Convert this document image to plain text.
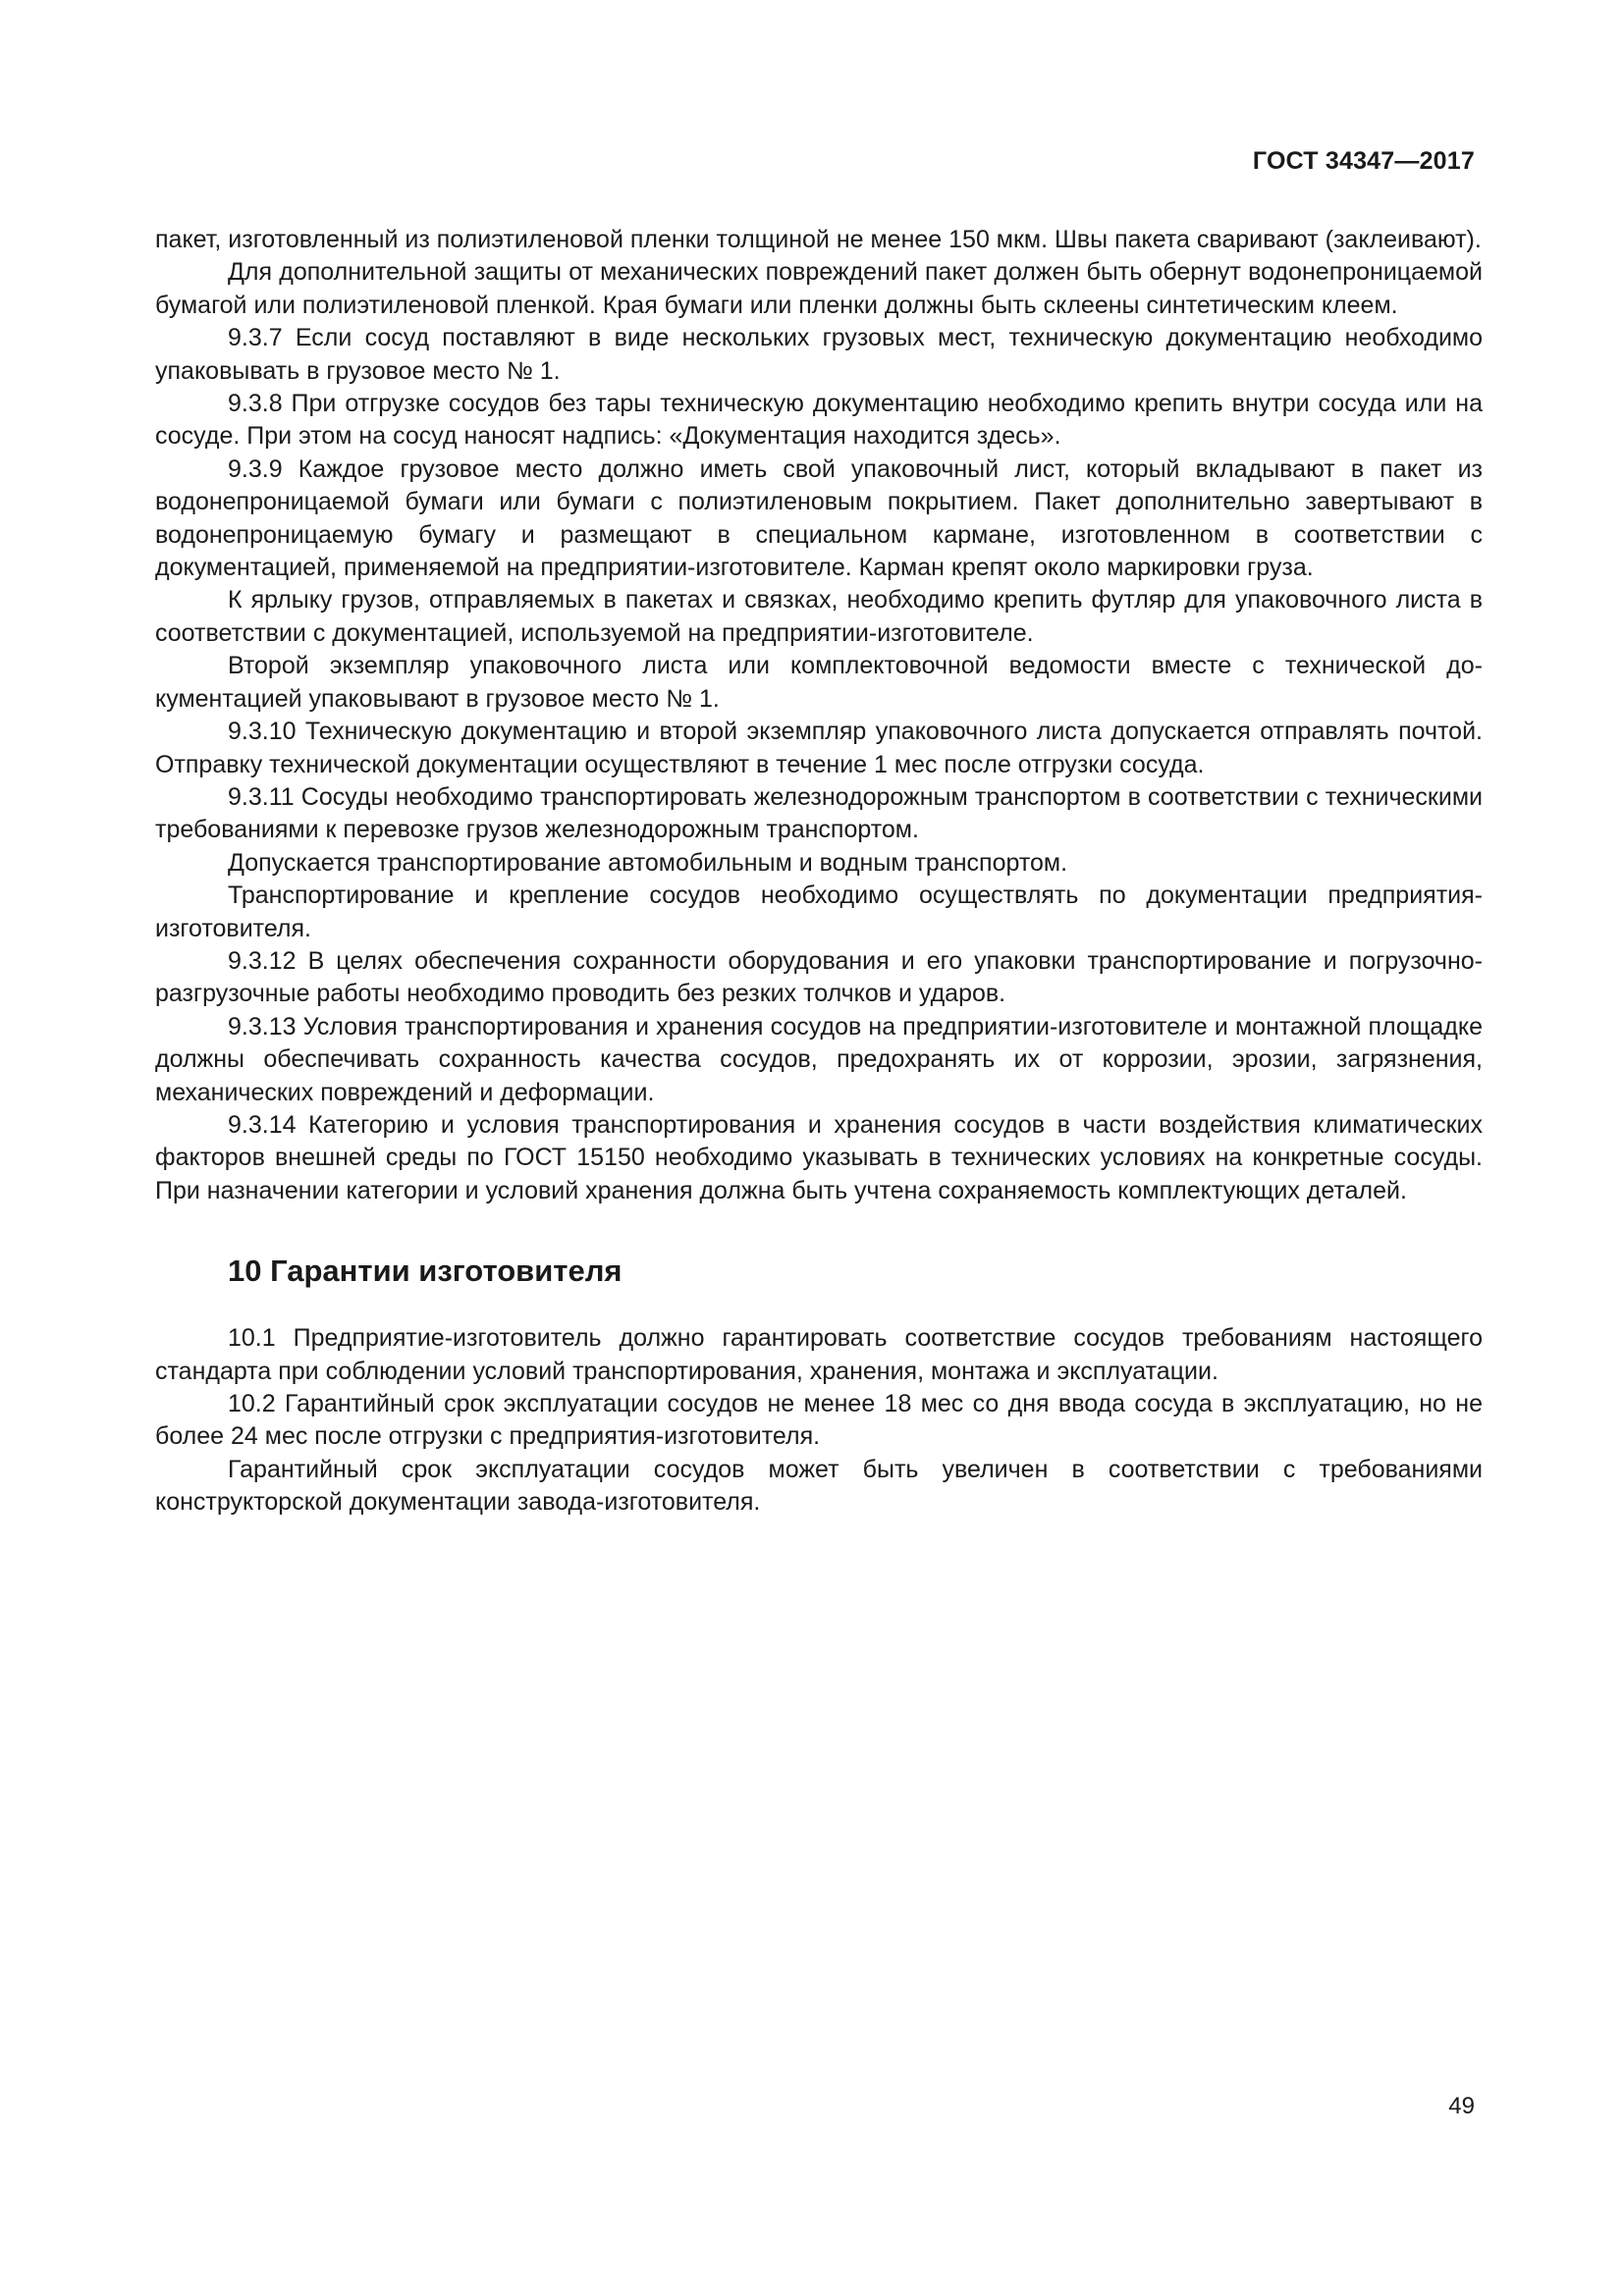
ГОСТ 34347—2017

пакет, изготовленный из полиэтиленовой пленки толщиной не менее 150 мкм. Швы пакета сваривают (заклеивают).

Для дополнительной защиты от механических повреждений пакет должен быть обернут водонепроницаемой бумагой или полиэтиленовой пленкой. Края бумаги или пленки должны быть склеены синтетическим клеем.

9.3.7 Если сосуд поставляют в виде нескольких грузовых мест, техническую документацию необходимо упаковывать в грузовое место № 1.

9.3.8 При отгрузке сосудов без тары техническую документацию необходимо крепить внутри сосуда или на сосуде. При этом на сосуд наносят надпись: «Документация находится здесь».

9.3.9 Каждое грузовое место должно иметь свой упаковочный лист, который вкладывают в пакет из водонепроницаемой бумаги или бумаги с полиэтиленовым покрытием. Пакет дополнительно завертывают в водонепроницаемую бумагу и размещают в специальном кармане, изготовленном в соответствии с документацией, применяемой на предприятии-изготовителе. Карман крепят около маркировки груза.

К ярлыку грузов, отправляемых в пакетах и связках, необходимо крепить футляр для упаковочного листа в соответствии с документацией, используемой на предприятии-изготовителе.

Второй экземпляр упаковочного листа или комплектовочной ведомости вместе с технической документацией упаковывают в грузовое место № 1.

9.3.10 Техническую документацию и второй экземпляр упаковочного листа допускается отправлять почтой. Отправку технической документации осуществляют в течение 1 мес после отгрузки сосуда.

9.3.11 Сосуды необходимо транспортировать железнодорожным транспортом в соответствии с техническими требованиями к перевозке грузов железнодорожным транспортом.

Допускается транспортирование автомобильным и водным транспортом.

Транспортирование и крепление сосудов необходимо осуществлять по документации предприятия-изготовителя.

9.3.12 В целях обеспечения сохранности оборудования и его упаковки транспортирование и погрузочно-разгрузочные работы необходимо проводить без резких толчков и ударов.

9.3.13 Условия транспортирования и хранения сосудов на предприятии-изготовителе и монтажной площадке должны обеспечивать сохранность качества сосудов, предохранять их от коррозии, эрозии, загрязнения, механических повреждений и деформации.

9.3.14 Категорию и условия транспортирования и хранения сосудов в части воздействия климатических факторов внешней среды по ГОСТ 15150 необходимо указывать в технических условиях на конкретные сосуды. При назначении категории и условий хранения должна быть учтена сохраняемость комплектующих деталей.

10 Гарантии изготовителя

10.1 Предприятие-изготовитель должно гарантировать соответствие сосудов требованиям настоящего стандарта при соблюдении условий транспортирования, хранения, монтажа и эксплуатации.

10.2 Гарантийный срок эксплуатации сосудов не менее 18 мес со дня ввода сосуда в эксплуатацию, но не более 24 мес после отгрузки с предприятия-изготовителя.

Гарантийный срок эксплуатации сосудов может быть увеличен в соответствии с требованиями конструкторской документации завода-изготовителя.

49
